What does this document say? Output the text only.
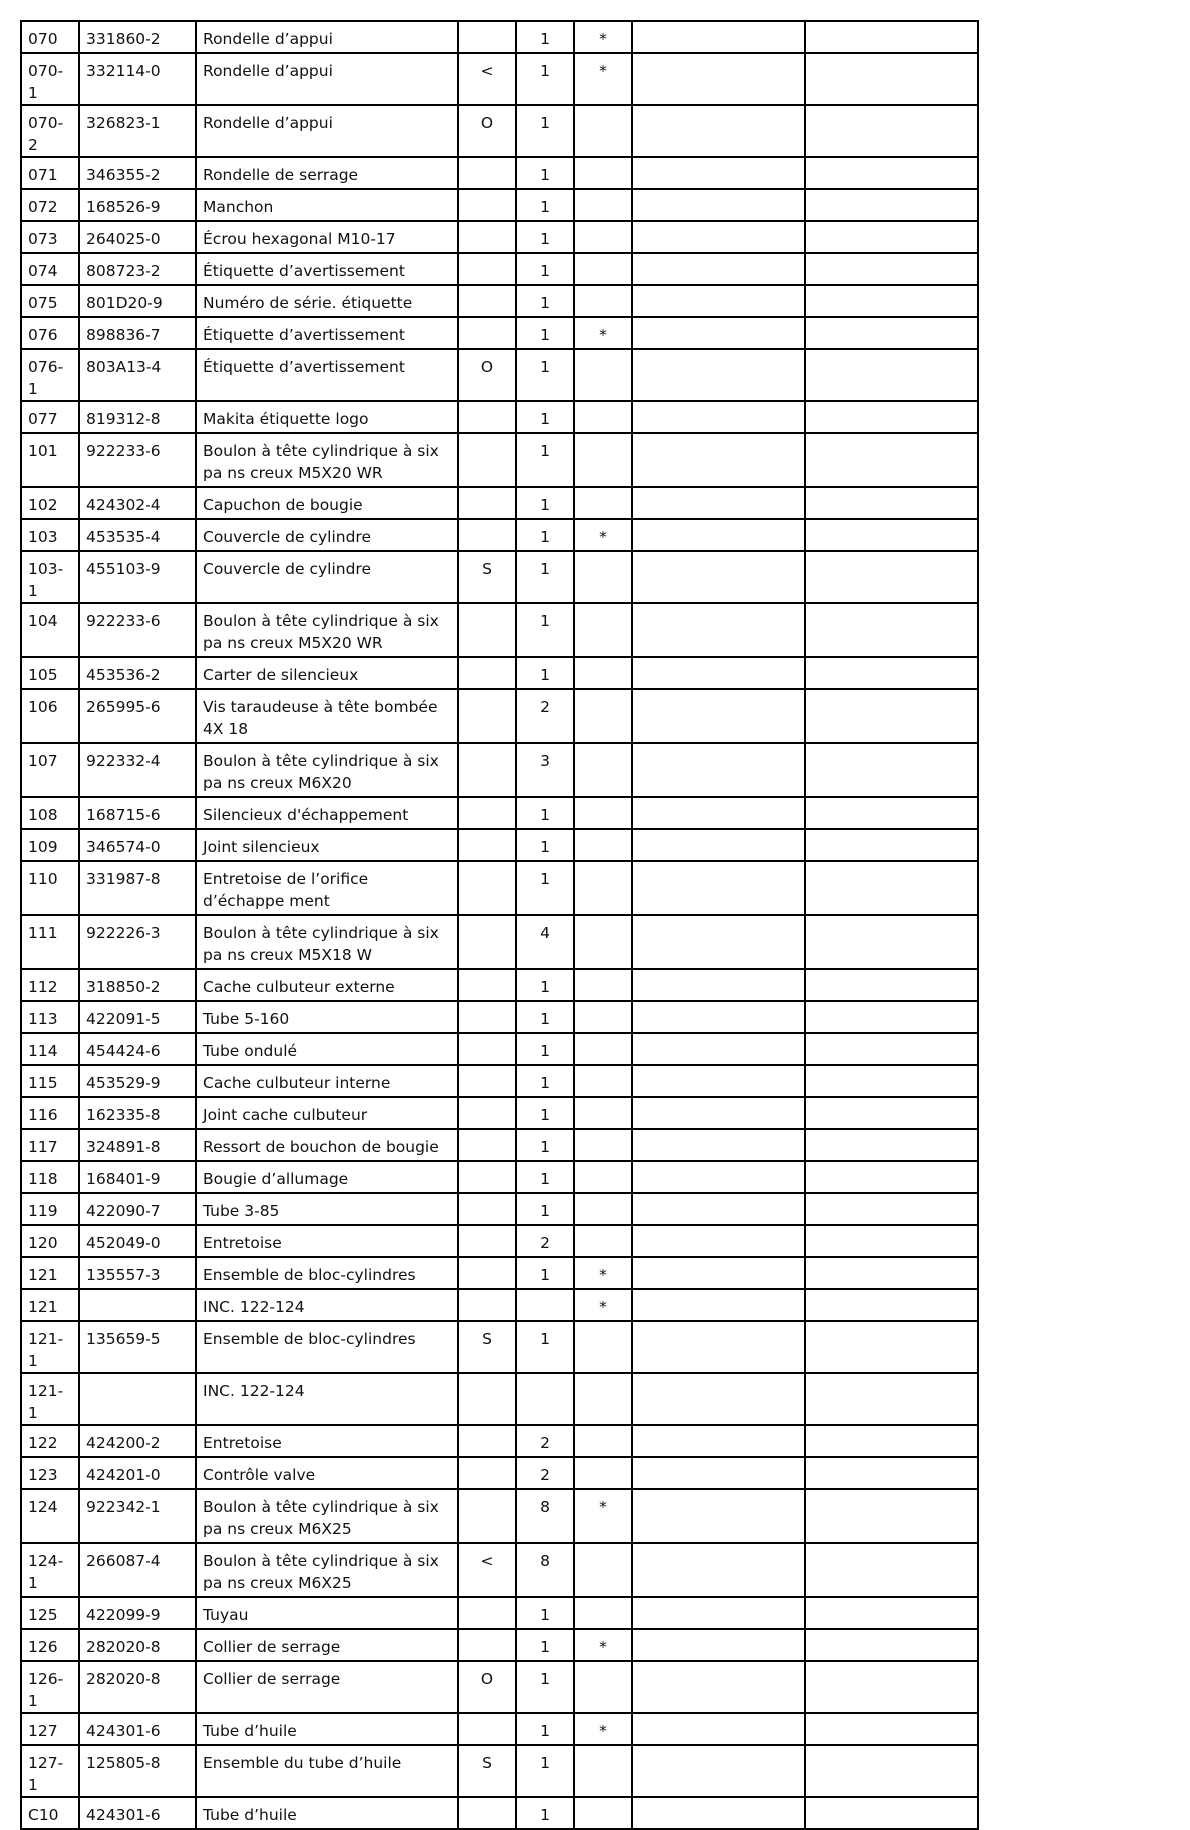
070	331860-2	Rondelle d’appui		1	*		
070-1	332114-0	Rondelle d’appui	<	1	*		
070-2	326823-1	Rondelle d’appui	O	1			
071	346355-2	Rondelle de serrage		1			
072	168526-9	Manchon		1			
073	264025-0	Écrou hexagonal M10-17		1			
074	808723-2	Étiquette d’avertissement		1			
075	801D20-9	Numéro de série. étiquette		1			
076	898836-7	Étiquette d’avertissement		1	*		
076-1	803A13-4	Étiquette d’avertissement	O	1			
077	819312-8	Makita étiquette logo		1			
101	922233-6	Boulon à tête cylindrique à six pa ns creux M5X20 WR		1			
102	424302-4	Capuchon de bougie		1			
103	453535-4	Couvercle de cylindre		1	*		
103-1	455103-9	Couvercle de cylindre	S	1			
104	922233-6	Boulon à tête cylindrique à six pa ns creux M5X20 WR		1			
105	453536-2	Carter de silencieux		1			
106	265995-6	Vis taraudeuse à tête bombée 4X 18		2			
107	922332-4	Boulon à tête cylindrique à six pa ns creux M6X20		3			
108	168715-6	Silencieux d'échappement		1			
109	346574-0	Joint silencieux		1			
110	331987-8	Entretoise de l’orifice d’échappe ment		1			
111	922226-3	Boulon à tête cylindrique à six pa ns creux M5X18 W		4			
112	318850-2	Cache culbuteur externe		1			
113	422091-5	Tube 5-160		1			
114	454424-6	Tube ondulé		1			
115	453529-9	Cache culbuteur interne		1			
116	162335-8	Joint cache culbuteur		1			
117	324891-8	Ressort de bouchon de bougie		1			
118	168401-9	Bougie d’allumage		1			
119	422090-7	Tube 3-85		1			
120	452049-0	Entretoise		2			
121	135557-3	Ensemble de bloc-cylindres		1	*		
121		INC. 122-124			*		
121-1	135659-5	Ensemble de bloc-cylindres	S	1			
121-1		INC. 122-124					
122	424200-2	Entretoise		2			
123	424201-0	Contrôle valve		2			
124	922342-1	Boulon à tête cylindrique à six pa ns creux M6X25		8	*		
124-1	266087-4	Boulon à tête cylindrique à six pa ns creux M6X25	<	8			
125	422099-9	Tuyau		1			
126	282020-8	Collier de serrage		1	*		
126-1	282020-8	Collier de serrage	O	1			
127	424301-6	Tube d’huile		1	*		
127-1	125805-8	Ensemble du tube d’huile	S	1			
C10	424301-6	Tube d’huile		1			
